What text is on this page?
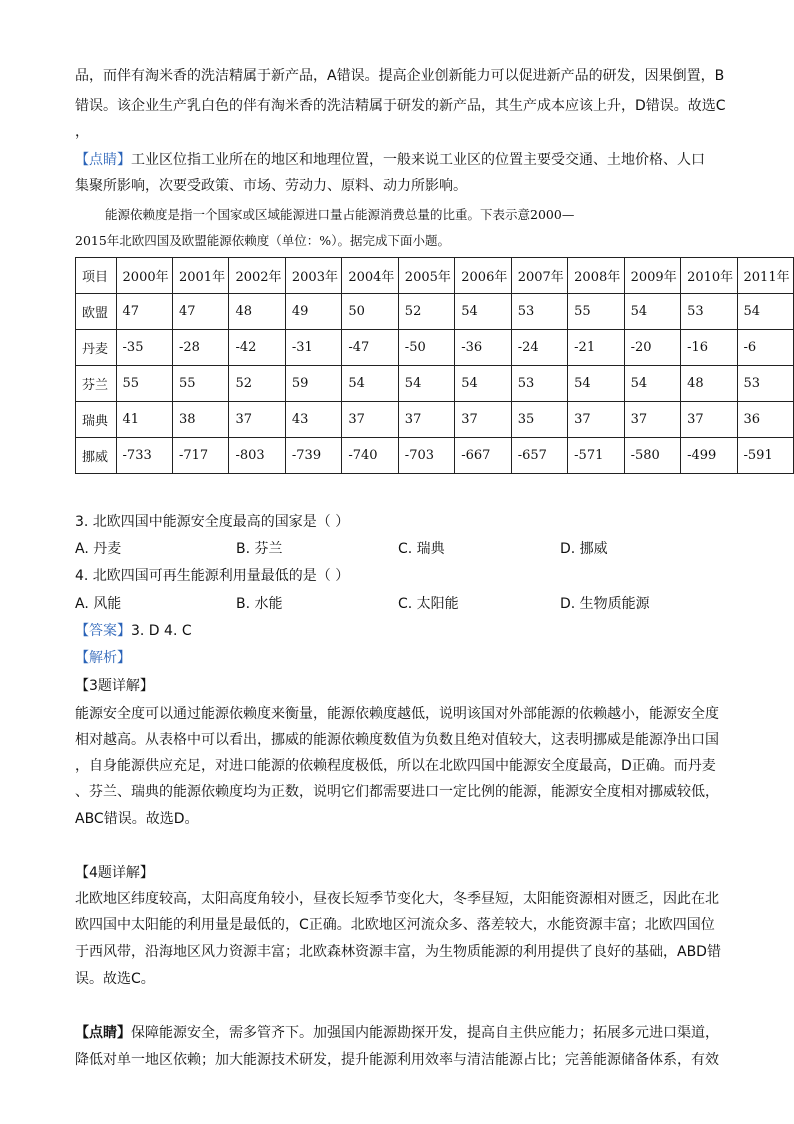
品，而伴有淘米香的洗洁精属于新产品，A错误。提高企业创新能力可以促进新产品的研发，因果倒置，B
错误。该企业生产乳白色的伴有淘米香的洗洁精属于研发的新产品，其生产成本应该上升，D错误。故选C
，
【点睛】工业区位指工业所在的地区和地理位置，一般来说工业区的位置主要受交通、土地价格、人口
集聚所影响，次要受政策、市场、劳动力、原料、动力所影响。
能源依赖度是指一个国家或区域能源进口量占能源消费总量的比重。下表示意2000—
2015年北欧四国及欧盟能源依赖度（单位：%）。据完成下面小题。
项目	2000年	2001年	2002年	2003年	2004年	2005年	2006年	2007年	2008年	2009年	2010年	2011年
欧盟	47	47	48	49	50	52	54	53	55	54	53	54
丹麦	-35	-28	-42	-31	-47	-50	-36	-24	-21	-20	-16	-6
芬兰	55	55	52	59	54	54	54	53	54	54	48	53
瑞典	41	38	37	43	37	37	37	35	37	37	37	36
挪威	-733	-717	-803	-739	-740	-703	-667	-657	-571	-580	-499	-591
3. 北欧四国中能源安全度最高的国家是（ ）
A. 丹麦	B. 芬兰	C. 瑞典	D. 挪威
4. 北欧四国可再生能源利用量最低的是（ ）
A. 风能	B. 水能	C. 太阳能	D. 生物质能源
【答案】3. D 4. C
【解析】
【3题详解】
能源安全度可以通过能源依赖度来衡量，能源依赖度越低，说明该国对外部能源的依赖越小，能源安全度
相对越高。从表格中可以看出，挪威的能源依赖度数值为负数且绝对值较大，这表明挪威是能源净出口国
，自身能源供应充足，对进口能源的依赖程度极低，所以在北欧四国中能源安全度最高，D正确。而丹麦
、芬兰、瑞典的能源依赖度均为正数，说明它们都需要进口一定比例的能源，能源安全度相对挪威较低，
ABC错误。故选D。
【4题详解】
北欧地区纬度较高，太阳高度角较小，昼夜长短季节变化大，冬季昼短，太阳能资源相对匮乏，因此在北
欧四国中太阳能的利用量是最低的，C正确。北欧地区河流众多、落差较大，水能资源丰富；北欧四国位
于西风带，沿海地区风力资源丰富；北欧森林资源丰富，为生物质能源的利用提供了良好的基础，ABD错
误。故选C。
【点睛】保障能源安全，需多管齐下。加强国内能源勘探开发，提高自主供应能力；拓展多元进口渠道，
降低对单一地区依赖；加大能源技术研发，提升能源利用效率与清洁能源占比；完善能源储备体系，有效
